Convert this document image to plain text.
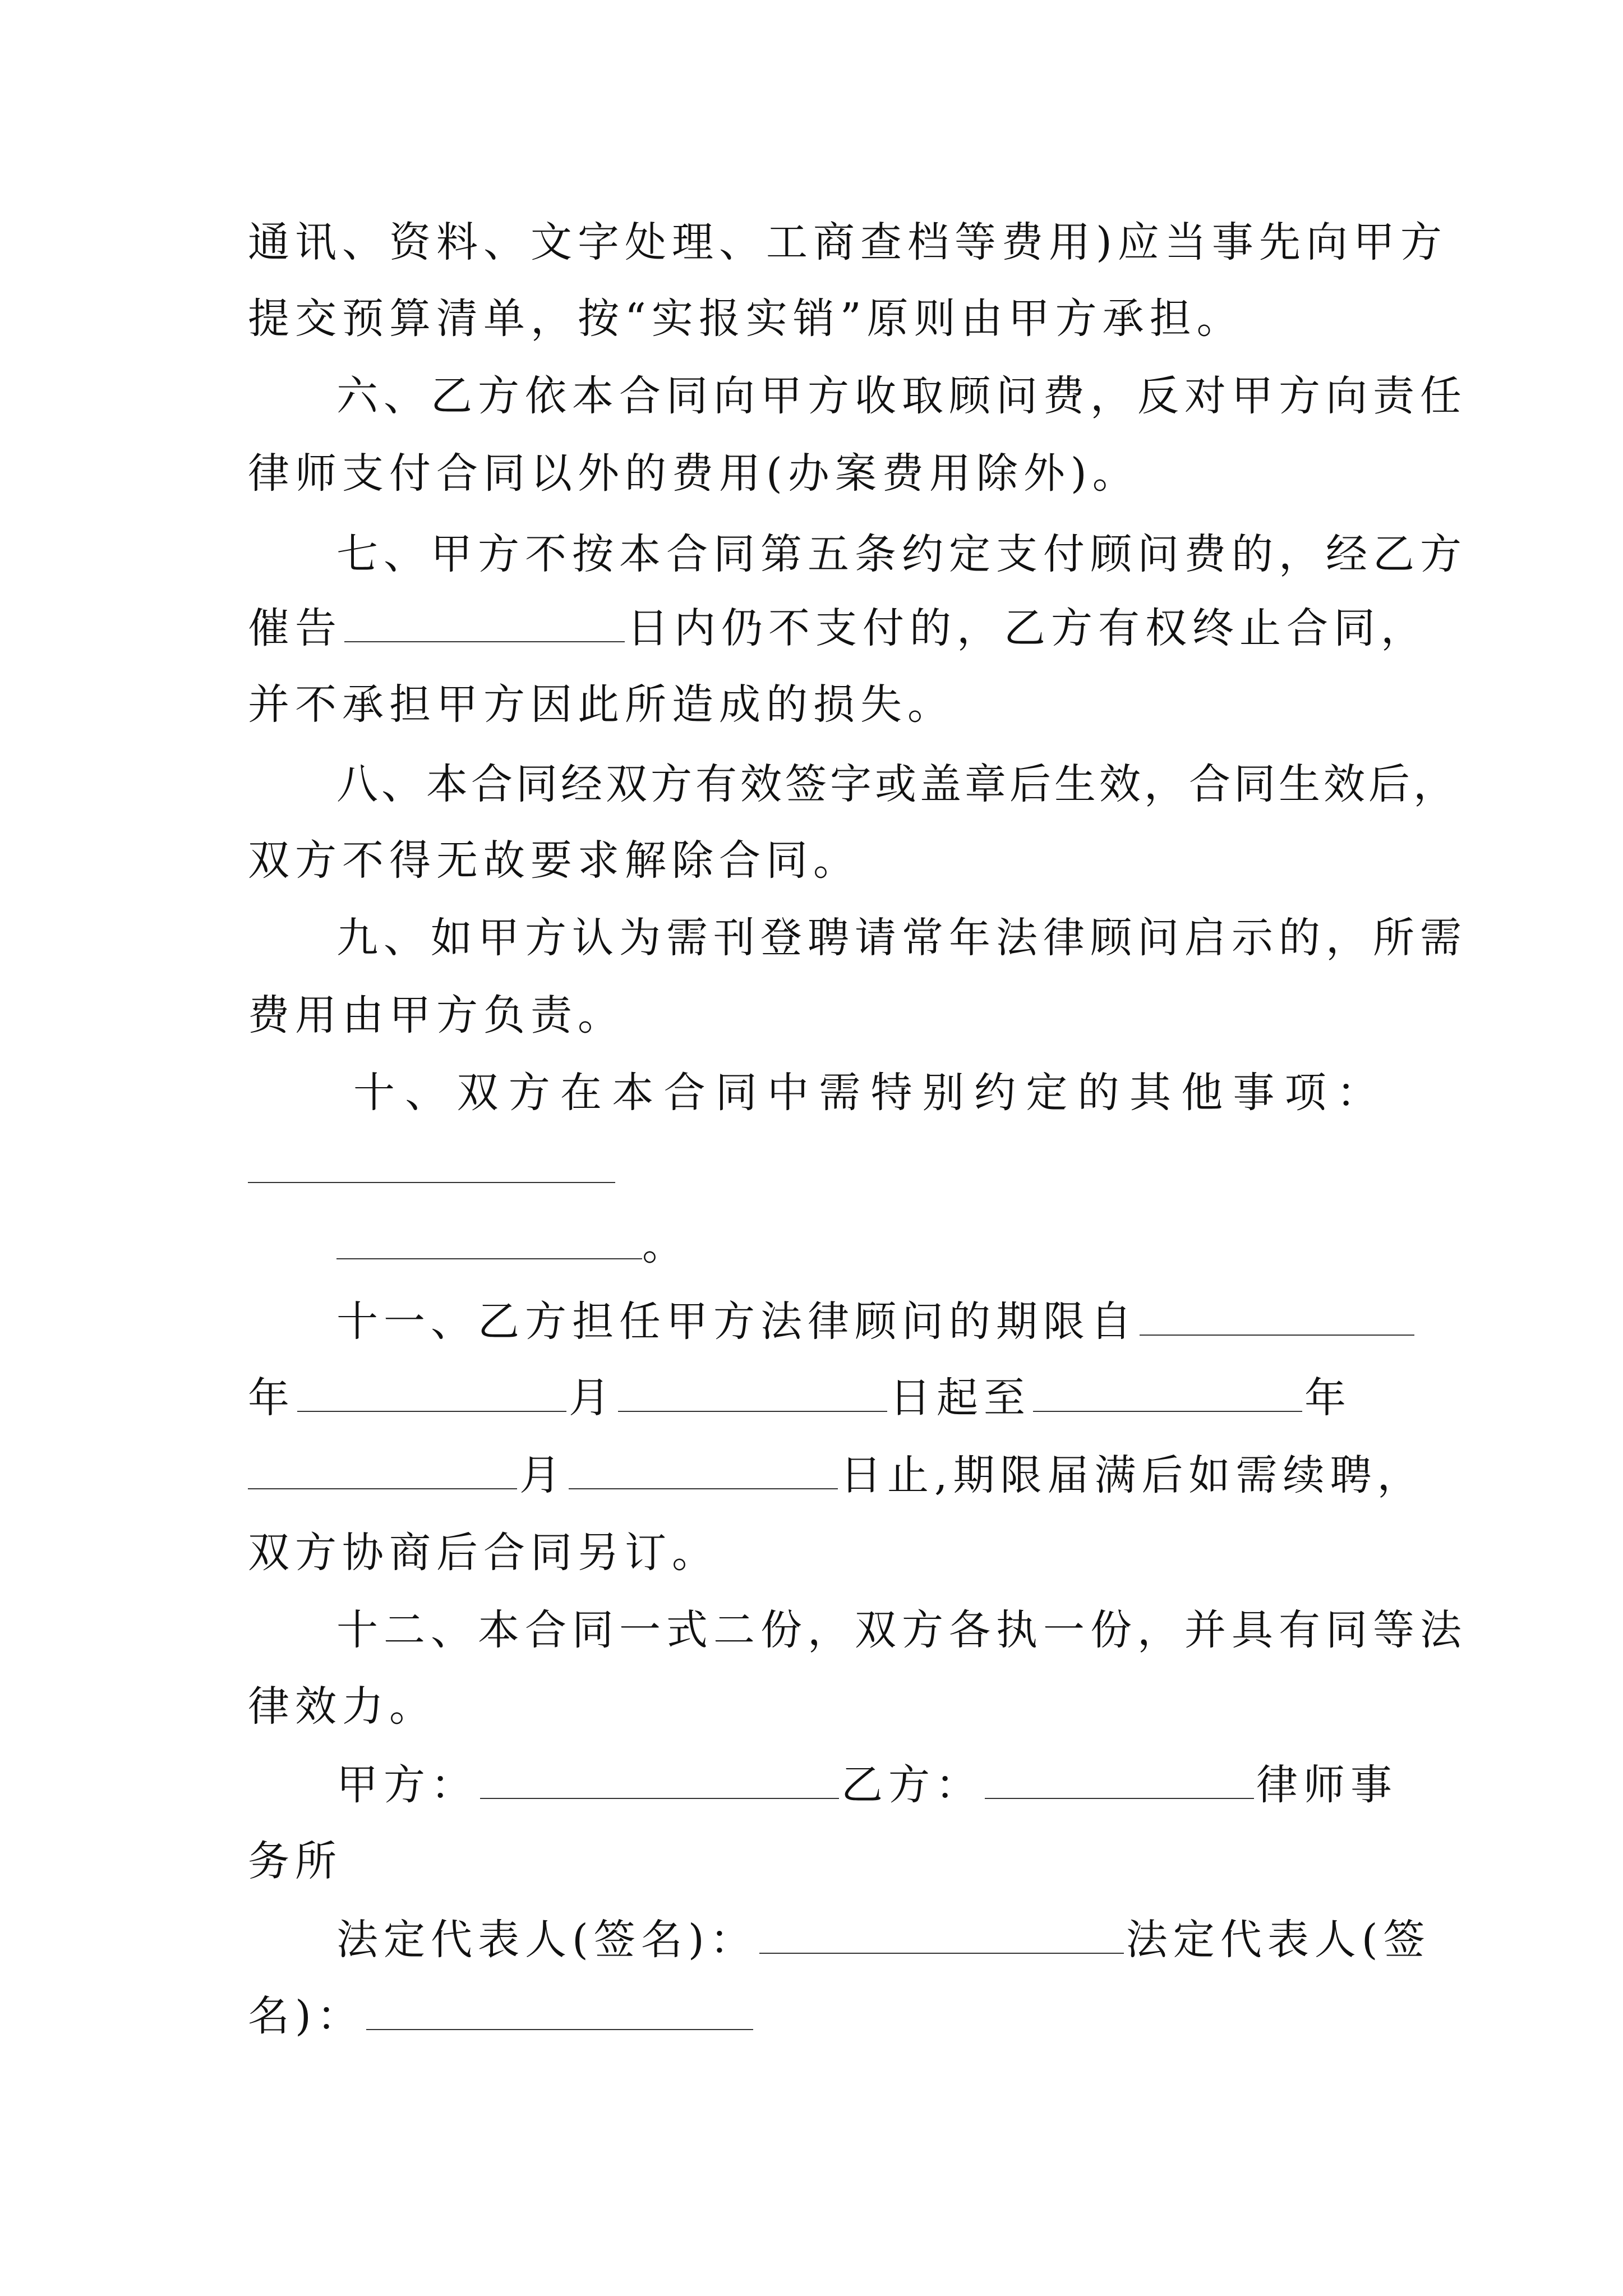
通讯、资料、文字处理、工商查档等费用)应当事先向甲方
提交预算清单，按“实报实销”原则由甲方承担。
六、乙方依本合同向甲方收取顾问费，反对甲方向责任
律师支付合同以外的费用(办案费用除外)。
七、甲方不按本合同第五条约定支付顾问费的，经乙方
催告	日内仍不支付的，乙方有权终止合同，
并不承担甲方因此所造成的损失。
八、本合同经双方有效签字或盖章后生效，合同生效后，
双方不得无故要求解除合同。
九、如甲方认为需刊登聘请常年法律顾问启示的，所需
费用由甲方负责。
十、双方在本合同中需特别约定的其他事项：
。
十一、乙方担任甲方法律顾问的期限自
年	月	日起至	年
月	日止,期限届满后如需续聘，
双方协商后合同另订。
十二、本合同一式二份，双方各执一份，并具有同等法
律效力。
甲方：	乙方：	律师事
务所
法定代表人(签名)：	法定代表人(签
名)：
